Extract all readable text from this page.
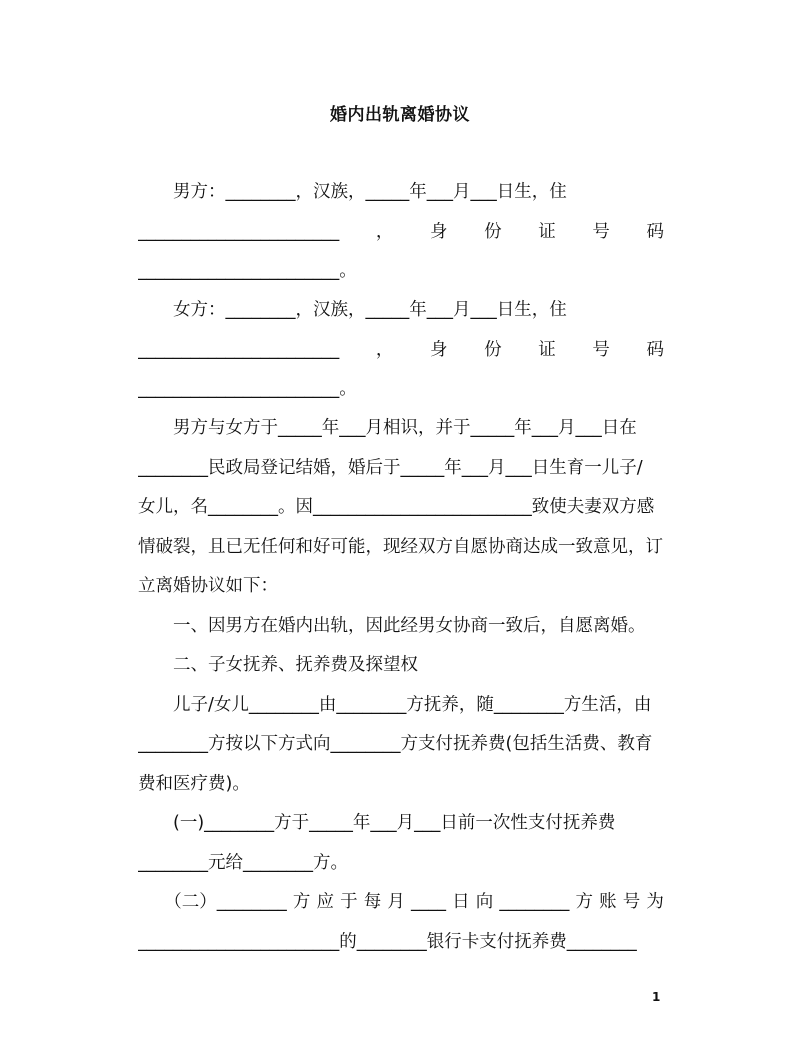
婚内出轨离婚协议
　　男方：________，汉族，_____年___月___日生，住
_______________________ ， 身 份 证 号 码
_______________________。
　　女方：________，汉族，_____年___月___日生，住
_______________________ ， 身 份 证 号 码
_______________________。
　　男方与女方于_____年___月相识，并于_____年___月___日在
________民政局登记结婚，婚后于_____年___月___日生育一儿子/
女儿，名________。因_________________________致使夫妻双方感
情破裂，且已无任何和好可能，现经双方自愿协商达成一致意见，订
立离婚协议如下：
　　一、因男方在婚内出轨，因此经男女协商一致后，自愿离婚。
　　二、子女抚养、抚养费及探望权
　　儿子/女儿________由________方抚养，随________方生活，由
________方按以下方式向________方支付抚养费(包括生活费、教育
费和医疗费)。
　　(一)________方于_____年___月___日前一次性支付抚养费
________元给________方。
　　（二）________ 方 应 于 每 月 ____ 日 向 ________ 方 账 号 为
_______________________的________银行卡支付抚养费________
1
